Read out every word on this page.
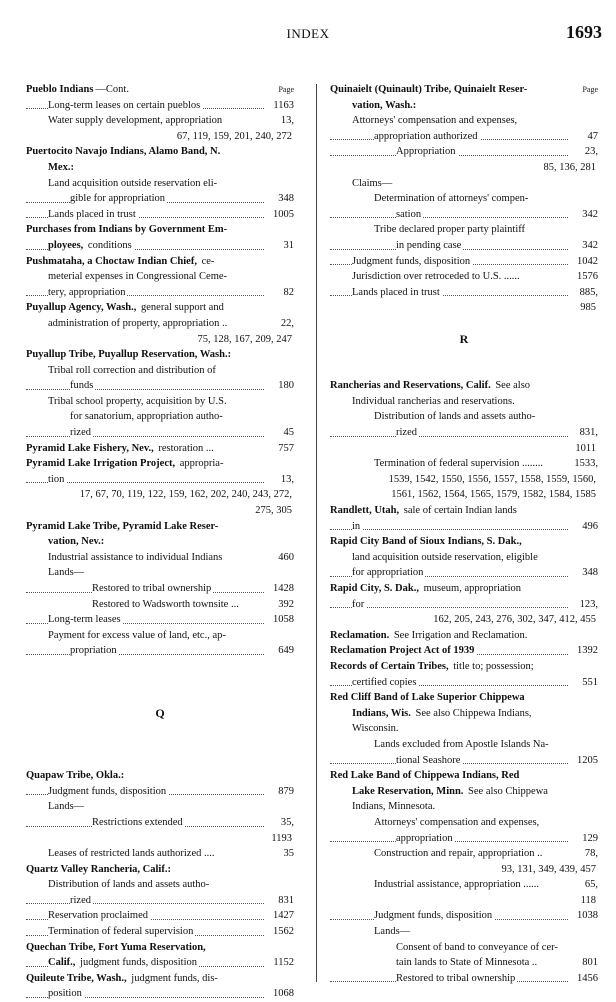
INDEX	1693
Pueblo Indians —Cont.	Page
Long-term leases on certain pueblos	1163
Water supply development, appropriation	13,
67, 119, 159, 201, 240, 272
Puertocito Navajo Indians, Alamo Band, N.
Mex.:
Land acquisition outside reservation eli-
gible for appropriation	348
Lands placed in trust	1005
Purchases from Indians by Government Em-
ployees, conditions	31
Pushmataha, a Choctaw Indian Chief, ce-
meterial expenses in Congressional Ceme-
tery, appropriation	82
Puyallup Agency, Wash., general support and
administration of property, appropriation ..	22,
75, 128, 167, 209, 247
Puyallup Tribe, Puyallup Reservation, Wash.:
Tribal roll correction and distribution of
funds	180
Tribal school property, acquisition by U.S.
for sanatorium, appropriation autho-
rized	45
Pyramid Lake Fishery, Nev., restoration ...	757
Pyramid Lake Irrigation Project, appropria-
tion	13,
17, 67, 70, 119, 122, 159, 162, 202, 240, 243, 272,
275, 305
Pyramid Lake Tribe, Pyramid Lake Reser-
vation, Nev.:
Industrial assistance to individual Indians	460
Lands—
Restored to tribal ownership	1428
Restored to Wadsworth townsite ...	392
Long-term leases	1058
Payment for excess value of land, etc., ap-
propriation	649
Q
Quapaw Tribe, Okla.:
Judgment funds, disposition	879
Lands—
Restrictions extended	35,
1193
Leases of restricted lands authorized ....	35
Quartz Valley Rancheria, Calif.:
Distribution of lands and assets autho-
rized	831
Reservation proclaimed	1427
Termination of federal supervision	1562
Quechan Tribe, Fort Yuma Reservation,
Calif., judgment funds, disposition	1152
Quileute Tribe, Wash., judgment funds, dis-
position	1068
Quinaielt (Quinault) Tribe, Quinaielt Reser-	Page
vation, Wash.:
Attorneys' compensation and expenses,
appropriation authorized	47
Appropriation	23,
85, 136, 281
Claims—
Determination of attorneys' compen-
sation	342
Tribe declared proper party plaintiff
in pending case	342
Judgment funds, disposition	1042
Jurisdiction over retroceded to U.S. ......	1576
Lands placed in trust	885,
985
R
Rancherias and Reservations, Calif. See also
Individual rancherias and reservations.
Distribution of lands and assets autho-
rized	831,
1011
Termination of federal supervision ........	1533,
1539, 1542, 1550, 1556, 1557, 1558, 1559, 1560,
1561, 1562, 1564, 1565, 1579, 1582, 1584, 1585
Randlett, Utah, sale of certain Indian lands
in	496
Rapid City Band of Sioux Indians, S. Dak.,
land acquisition outside reservation, eligible
for appropriation	348
Rapid City, S. Dak., museum, appropriation
for	123,
162, 205, 243, 276, 302, 347, 412, 455
Reclamation. See Irrigation and Reclamation.
Reclamation Project Act of 1939	1392
Records of Certain Tribes, title to; possession;
certified copies	551
Red Cliff Band of Lake Superior Chippewa
Indians, Wis. See also Chippewa Indians,
Wisconsin.
Lands excluded from Apostle Islands Na-
tional Seashore	1205
Red Lake Band of Chippewa Indians, Red
Lake Reservation, Minn. See also Chippewa
Indians, Minnesota.
Attorneys' compensation and expenses,
appropriation	129
Construction and repair, appropriation ..	78,
93, 131, 349, 439, 457
Industrial assistance, appropriation ......	65,
118
Judgment funds, disposition	1038
Lands—
Consent of band to conveyance of cer-
tain lands to State of Minnesota ..	801
Restored to tribal ownership	1456
